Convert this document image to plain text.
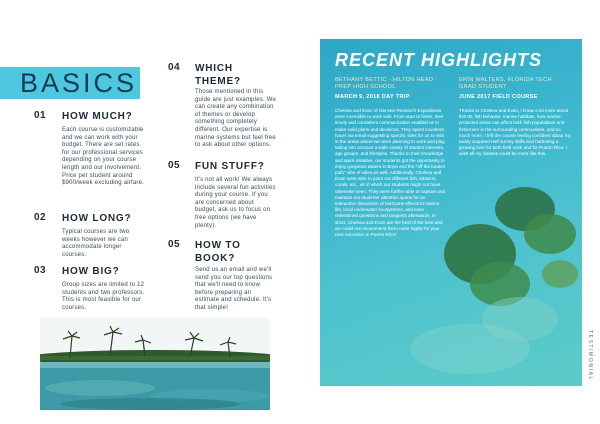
BASICS
01 HOW MUCH?
Each course is customizable and we can work with your budget. There are set rates for our professional services depending on your course length and our involvement. Price per student around $900/week excluding airfare.
02 HOW LONG?
Typical courses are two weeks however we can accommodate longer courses.
03 HOW BIG?
Group sizes are limited to 12 students and two professors. This is most feasible for our courses.
04 WHICH THEME?
Those mentioned in this guide are just examples. We can create any combination of themes or develop something completely different. Our expertise is marine systems but feel free to ask about other options.
05 FUN STUFF?
It's not all work! We always include several fun activities during your course. If you are concerned about budget, ask us to focus on free options (we have plenty).
05 HOW TO BOOK?
Send us an email and we'll send you our top questions that we'll need to know before preparing an estimate and schedule. It's that simple!
RECENT HIGHLIGHTS
BETHANY BETTIC - HILTON HEAD PREP HIGH SCHOOL
MARCH 9, 2018 DAY TRIP
Chelsea and Evan of Isla Mar Research Expeditions were incredible to work with. From start to finish, their timely and consistent communication enabled us to make solid plans and decisions. They spent countless hours via email suggesting specific sites for us to visit in the areas where we were planning to work and play, taking into account a wide variety of student interests, age groups, and lifestyles. Thanks to their knowledge and quick initiative, our students got the opportunity to enjoy gorgeous waters in Boya and the "off the beaten path" vibe of cities as well. Additionally, Chelsea and Evan were able to point out different fish, lobsters, corals, etc., all of which our students might not have otherwise seen. They were further able to capture and maintain our students' attention spans for an interactive discussion of hurricane effects to marine life, local underwater ecosystems, and even entertained questions and tangents afterwards. In short, Chelsea and Evan are the best of the best and we could not recommend them more highly for your next excursion in Puerto Rico!
ERIN WALTERS, FLORIDA TECH GRAD STUDENT
JUNE 2017 FIELD COURSE
Thanks to Chelsea and Evan, I know a lot more about fish ID, fish behavior, marine habitats, how marine protected areas can affect both fish populations and fishermen in the surrounding communities, and so much more. I left the course feeling confident about my newly acquired reef survey skills and harboring a growing love for both field work and for Puerto Rico. I wish all my classes could be more like this.
TESTIMONIAL
